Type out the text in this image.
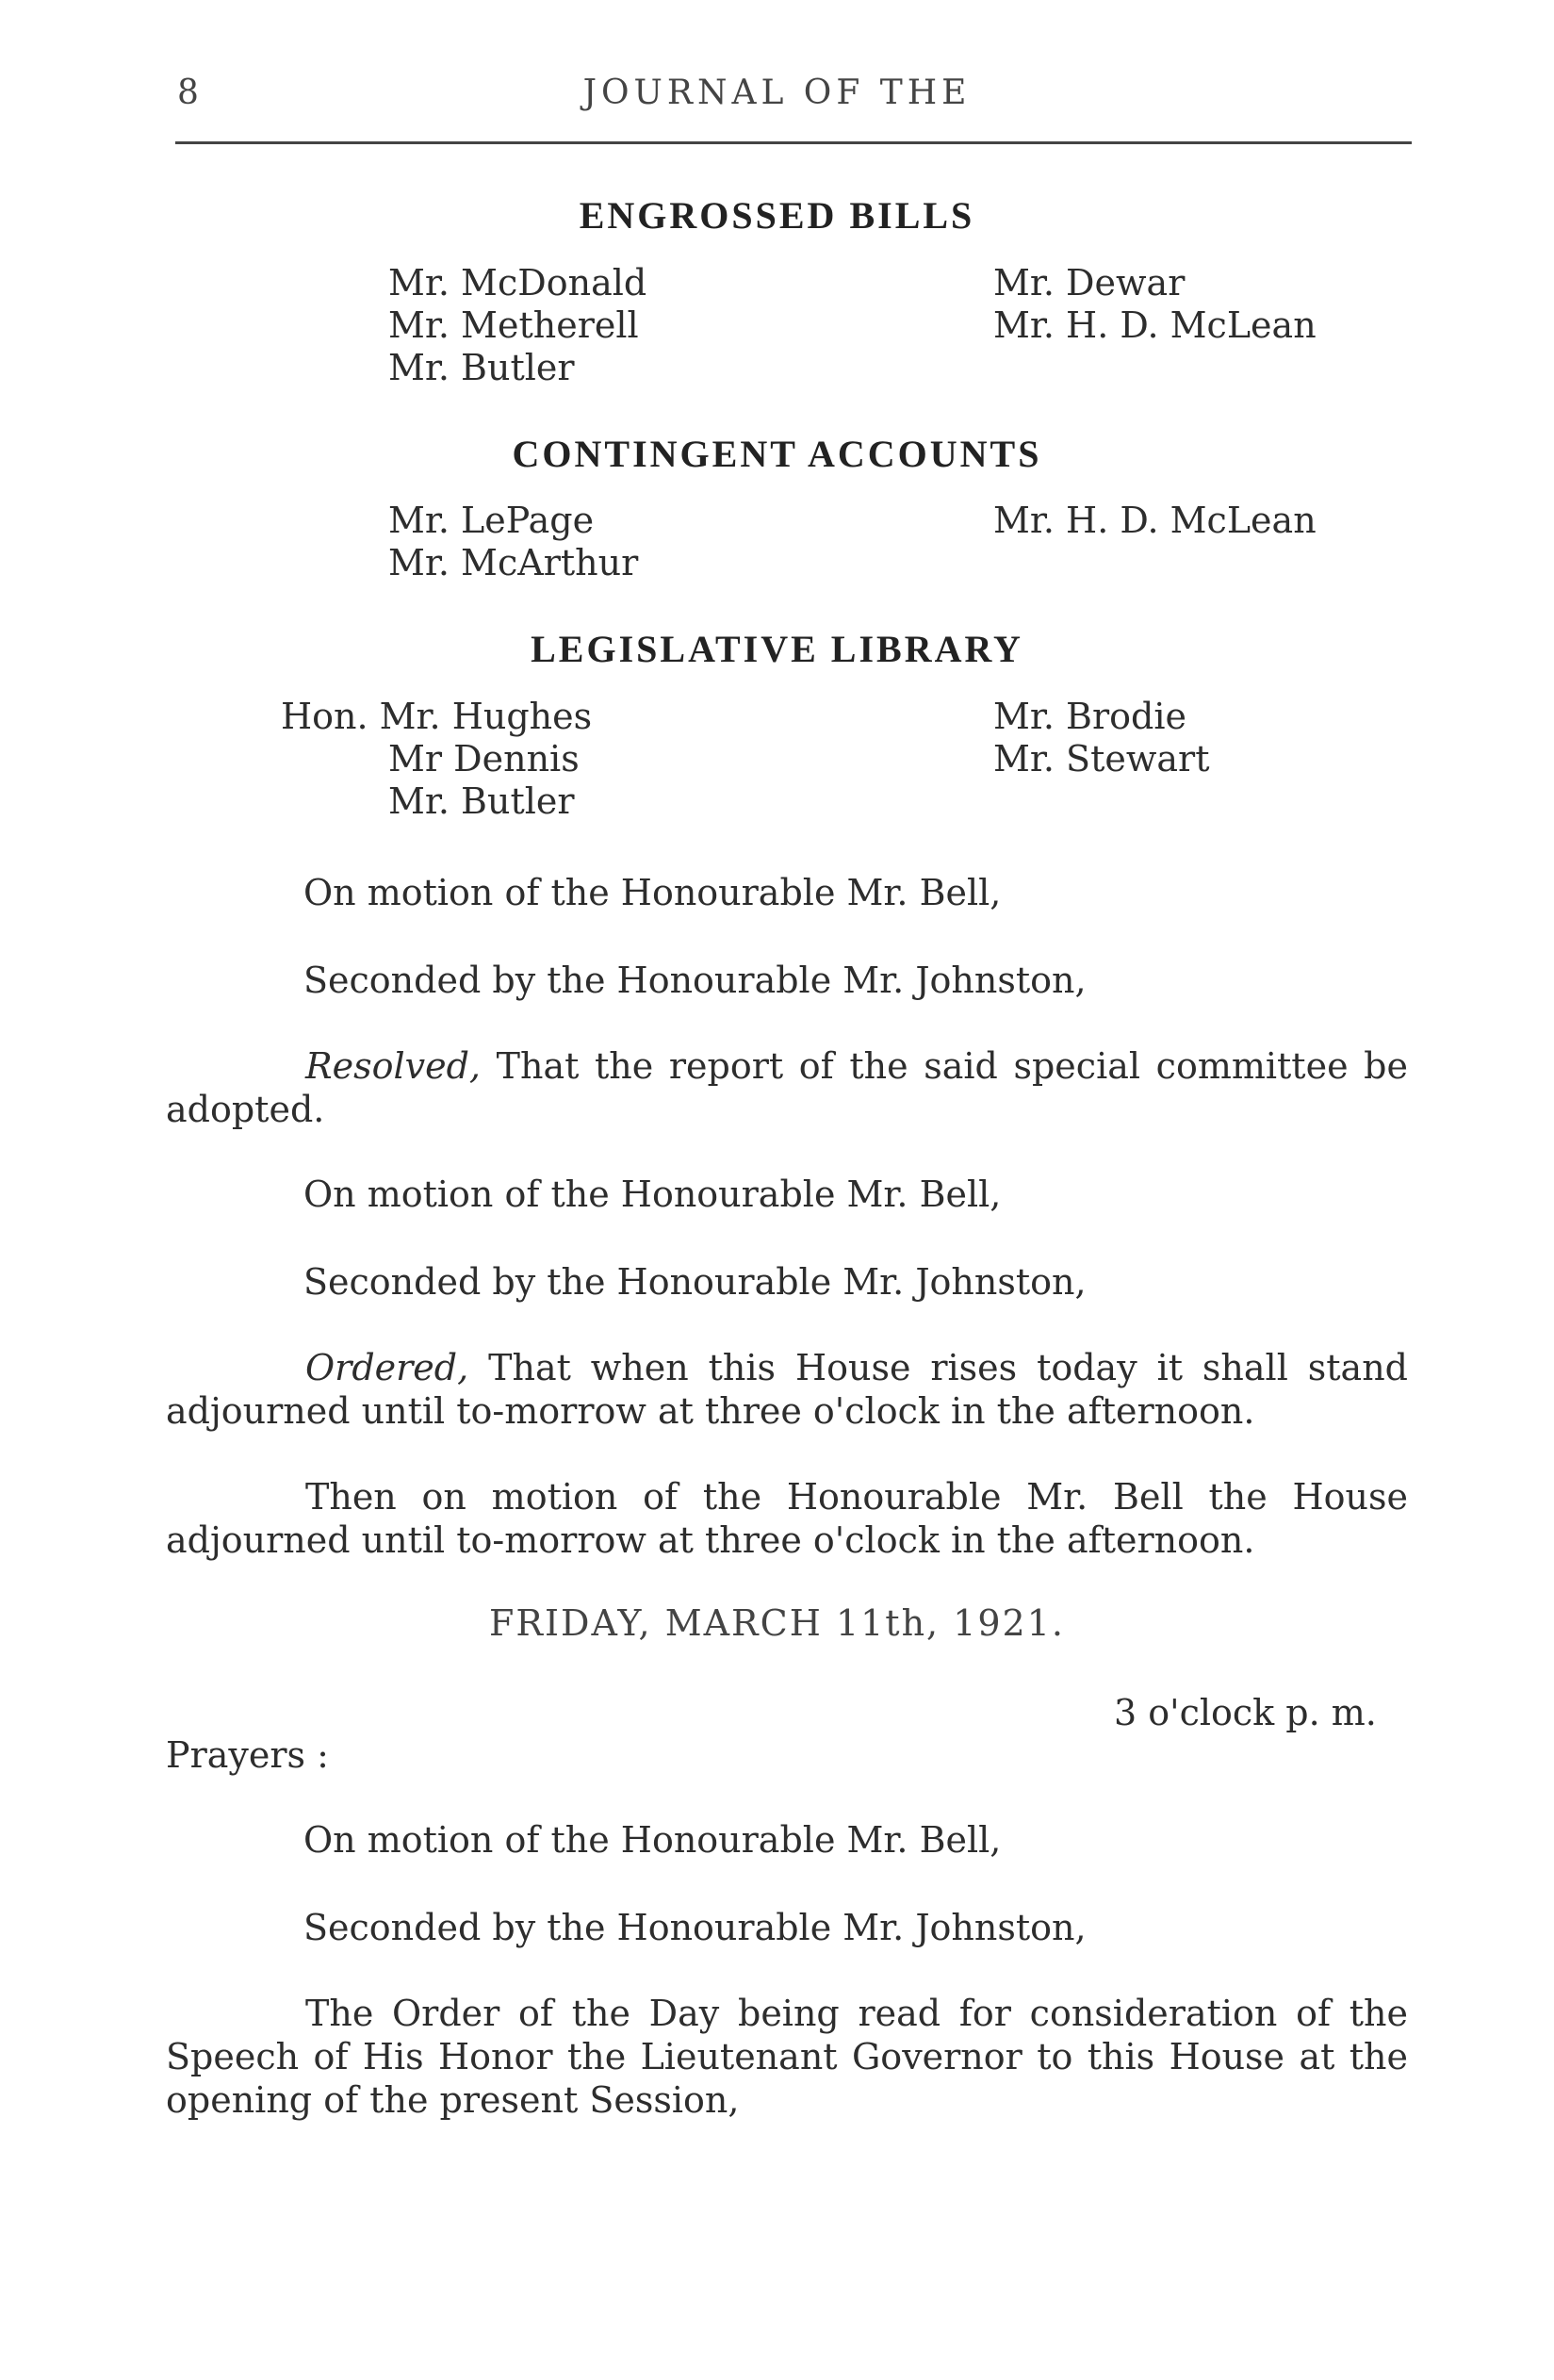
8	JOURNAL OF THE
ENGROSSED BILLS
Mr. McDonald
Mr. Metherell
Mr. Butler
Mr. Dewar
Mr. H. D. McLean
CONTINGENT ACCOUNTS
Mr. LePage
Mr. McArthur
Mr. H. D. McLean
LEGISLATIVE LIBRARY
Hon. Mr. Hughes
Mr Dennis
Mr. Butler
Mr. Brodie
Mr. Stewart
On motion of the Honourable Mr. Bell,
Seconded by the Honourable Mr. Johnston,
Resolved, That the report of the said special committee be adopted.
On motion of the Honourable Mr. Bell,
Seconded by the Honourable Mr. Johnston,
Ordered, That when this House rises today it shall stand adjourned until to-morrow at three o'clock in the afternoon.
Then on motion of the Honourable Mr. Bell the House adjourned until to-morrow at three o'clock in the afternoon.
FRIDAY, MARCH 11th, 1921.
3 o'clock p. m.
Prayers :
On motion of the Honourable Mr. Bell,
Seconded by the Honourable Mr. Johnston,
The Order of the Day being read for consideration of the Speech of His Honor the Lieutenant Governor to this House at the opening of the present Session,
